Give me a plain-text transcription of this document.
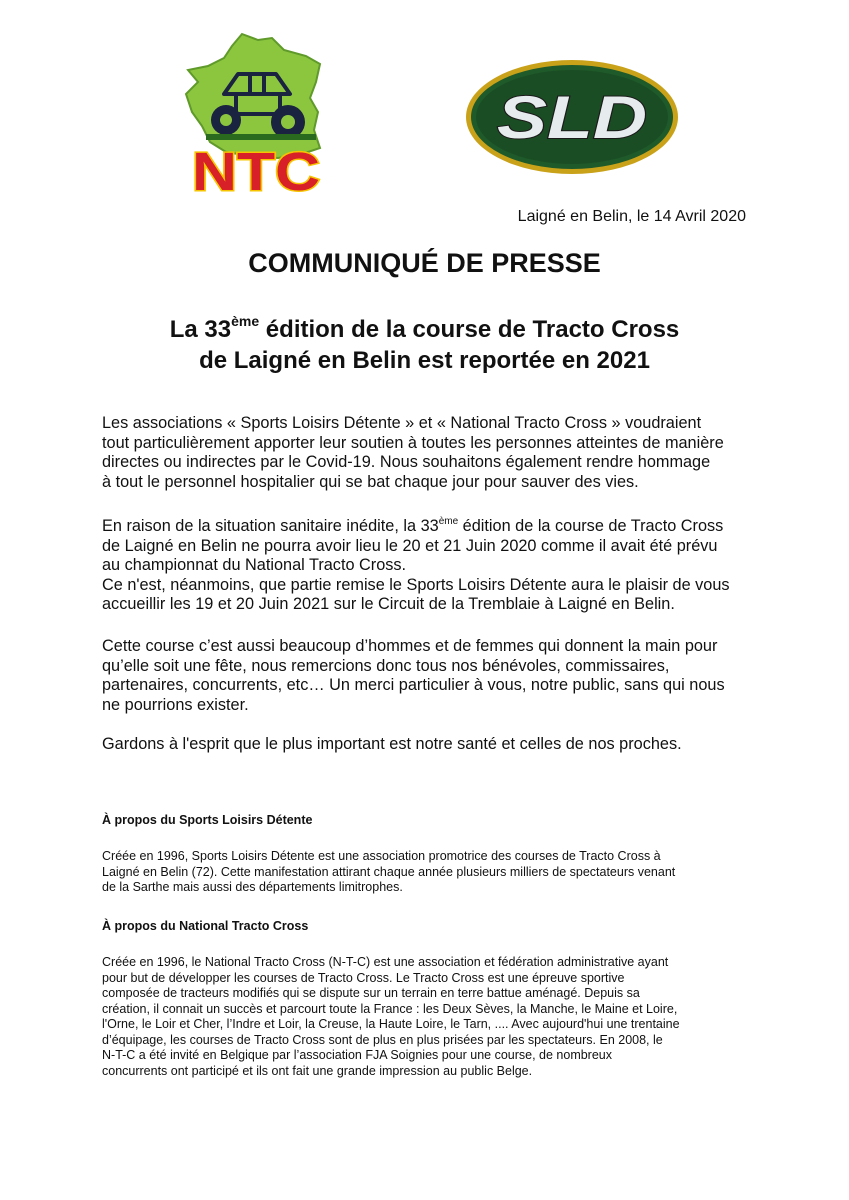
NTC
SLD
Laigné en Belin, le 14 Avril 2020
COMMUNIQUÉ DE PRESSE
La 33ème édition de la course de Tracto Cross
de Laigné en Belin est reportée en 2021
Les associations « Sports Loisirs Détente » et « National Tracto Cross » voudraient
tout particulièrement apporter leur soutien à toutes les personnes atteintes de manière
directes ou indirectes par le Covid-19. Nous souhaitons également rendre hommage
à tout le personnel hospitalier qui se bat chaque jour pour sauver des vies.
En raison de la situation sanitaire inédite, la 33ème édition de la course de Tracto Cross
de Laigné en Belin ne pourra avoir lieu le 20 et 21 Juin 2020 comme il avait été prévu
au championnat du National Tracto Cross.
Ce n'est, néanmoins, que partie remise le Sports Loisirs Détente aura le plaisir de vous
accueillir les 19 et 20 Juin 2021 sur le Circuit de la Tremblaie à Laigné en Belin.
Cette course c’est aussi beaucoup d’hommes et de femmes qui donnent la main pour
qu’elle soit une fête, nous remercions donc tous nos bénévoles, commissaires,
partenaires, concurrents, etc… Un merci particulier à vous, notre public, sans qui nous
ne pourrions exister.
Gardons à l'esprit que le plus important est notre santé et celles de nos proches.
À propos du Sports Loisirs Détente
Créée en 1996, Sports Loisirs Détente est une association promotrice des courses de Tracto Cross à
Laigné en Belin (72). Cette manifestation attirant chaque année plusieurs milliers de spectateurs venant
de la Sarthe mais aussi des départements limitrophes.
À propos du National Tracto Cross
Créée en 1996, le National Tracto Cross (N-T-C) est une association et fédération administrative ayant
pour but de développer les courses de Tracto Cross. Le Tracto Cross est une épreuve sportive
composée de tracteurs modifiés qui se dispute sur un terrain en terre battue aménagé. Depuis sa
création, il connait un succès et parcourt toute la France : les Deux Sèves, la Manche, le Maine et Loire,
l'Orne, le Loir et Cher, l’Indre et Loir, la Creuse, la Haute Loire, le Tarn, .... Avec aujourd'hui une trentaine
d’équipage, les courses de Tracto Cross sont de plus en plus prisées par les spectateurs. En 2008, le
N-T-C a été invité en Belgique par l’association FJA Soignies pour une course, de nombreux
concurrents ont participé et ils ont fait une grande impression au public Belge.
